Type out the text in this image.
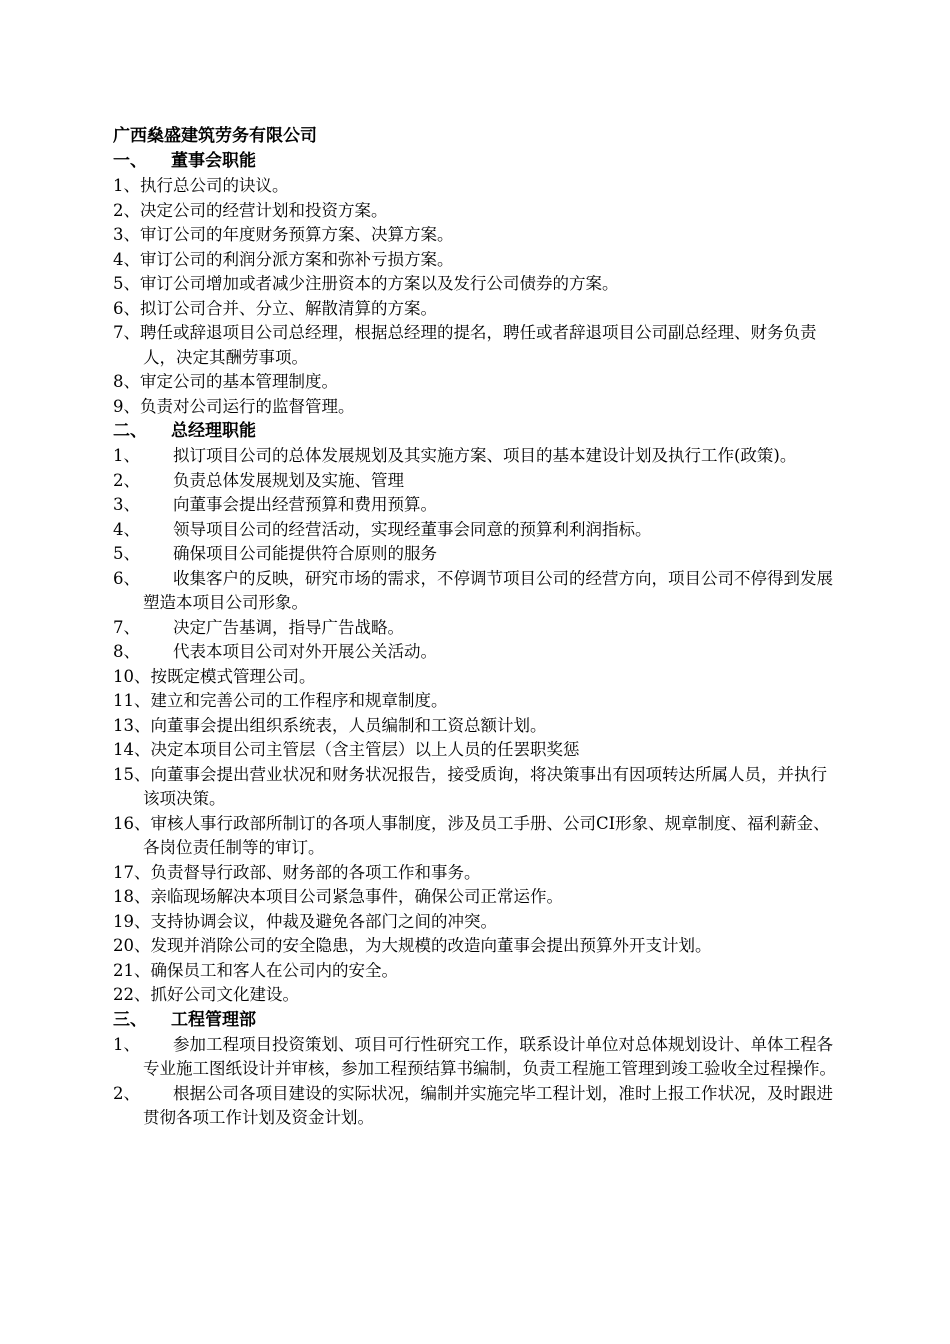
广西燊盛建筑劳务有限公司

一、	董事会职能

1、执行总公司的诀议。

2、决定公司的经营计划和投资方案。

3、审订公司的年度财务预算方案、决算方案。

4、审订公司的利润分派方案和弥补亏损方案。

5、审订公司增加或者减少注册资本的方案以及发行公司债券的方案。

6、拟订公司合并、分立、解散清算的方案。

7、聘任或辞退项目公司总经理，根据总经理的提名，聘任或者辞退项目公司副总经理、财务负责人，决定其酬劳事项。

8、审定公司的基本管理制度。

9、负责对公司运行的监督管理。

二、	总经理职能

1、 拟订项目公司的总体发展规划及其实施方案、项目的基本建设计划及执行工作(政策)。

2、 负责总体发展规划及实施、管理

3、 向董事会提出经营预算和费用预算。

4、 领导项目公司的经营活动，实现经董事会同意的预算利利润指标。

5、 确保项目公司能提供符合原则的服务

6、 收集客户的反映，研究市场的需求，不停调节项目公司的经营方向，项目公司不停得到发展塑造本项目公司形象。

7、 决定广告基调，指导广告战略。

8、 代表本项目公司对外开展公关活动。

10、按既定模式管理公司。

11、建立和完善公司的工作程序和规章制度。

13、向董事会提出组织系统表，人员编制和工资总额计划。

14、决定本项目公司主管层（含主管层）以上人员的任罢职奖惩

15、向董事会提出营业状况和财务状况报告，接受质询，将决策事出有因项转达所属人员，并执行该项决策。

16、审核人事行政部所制订的各项人事制度，涉及员工手册、公司CI形象、规章制度、福利薪金、各岗位责任制等的审订。

17、负责督导行政部、财务部的各项工作和事务。

18、亲临现场解决本项目公司紧急事件，确保公司正常运作。

19、支持协调会议，仲裁及避免各部门之间的冲突。

20、发现并消除公司的安全隐患，为大规模的改造向董事会提出预算外开支计划。

21、确保员工和客人在公司内的安全。

22、抓好公司文化建设。

三、	工程管理部

1、 参加工程项目投资策划、项目可行性研究工作，联系设计单位对总体规划设计、单体工程各专业施工图纸设计并审核，参加工程预结算书编制，负责工程施工管理到竣工验收全过程操作。

2、 根据公司各项目建设的实际状况，编制并实施完毕工程计划，准时上报工作状况，及时跟进贯彻各项工作计划及资金计划。
